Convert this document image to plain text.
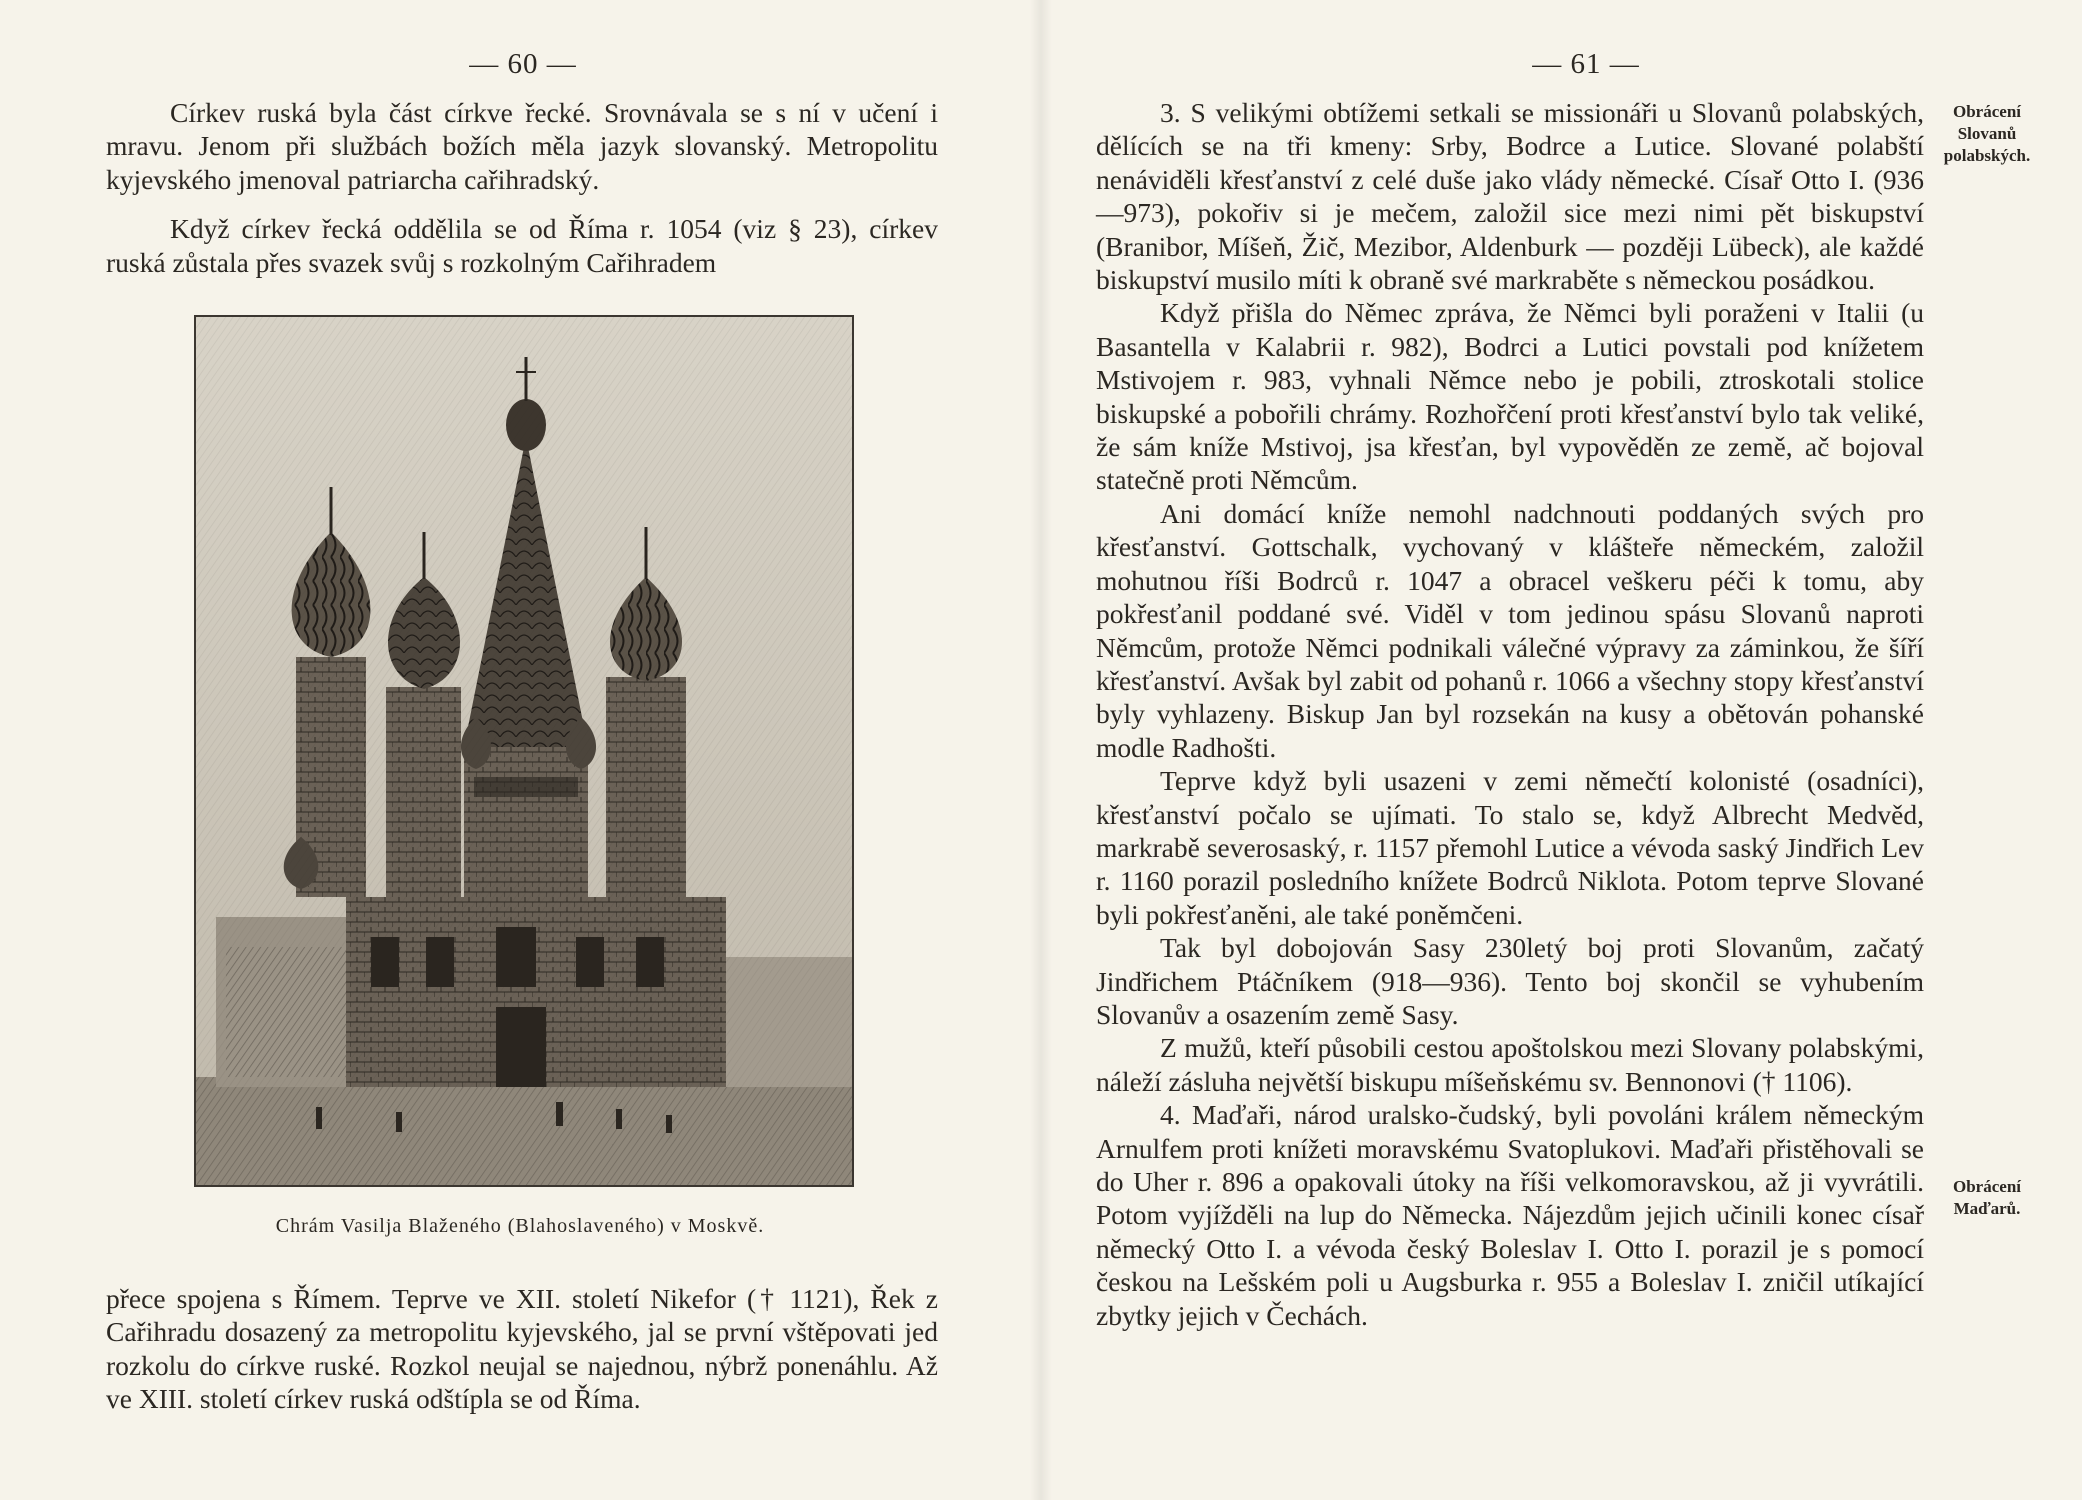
— 60 —

Církev ruská byla část církve řecké. Srovnávala se s ní v učení i mravu. Jenom při službách božích měla jazyk slovanský. Metropolitu kyjevského jmenoval patriarcha cařihradský.

Když církev řecká oddělila se od Říma r. 1054 (viz § 23), církev ruská zůstala přes svazek svůj s rozkolným Cařihradem

Chrám Vasilja Blaženého (Blahoslaveného) v Moskvě.

přece spojena s Římem. Teprve ve XII. století Nikefor († 1121), Řek z Cařihradu dosazený za metropolitu kyjevského, jal se první vštěpovati jed rozkolu do církve ruské. Rozkol neujal se najednou, nýbrž ponenáhlu. Až ve XIII. století církev ruská odštípla se od Říma.

— 61 —

3. S velikými obtížemi setkali se missionáři u Slovanů polabských, dělících se na tři kmeny: Srby, Bodrce a Lutice. Slované polabští nenáviděli křesťanství z celé duše jako vlády německé. Císař Otto I. (936—973), pokořiv si je mečem, založil sice mezi nimi pět biskupství (Branibor, Míšeň, Žič, Mezibor, Aldenburk — později Lübeck), ale každé biskupství musilo míti k obraně své markraběte s německou posádkou.

Když přišla do Němec zpráva, že Němci byli poraženi v Italii (u Basantella v Kalabrii r. 982), Bodrci a Lutici povstali pod knížetem Mstivojem r. 983, vyhnali Němce nebo je pobili, ztroskotali stolice biskupské a pobořili chrámy. Rozhořčení proti křesťanství bylo tak veliké, že sám kníže Mstivoj, jsa křesťan, byl vypověděn ze země, ač bojoval statečně proti Němcům.

Ani domácí kníže nemohl nadchnouti poddaných svých pro křesťanství. Gottschalk, vychovaný v klášteře německém, založil mohutnou říši Bodrců r. 1047 a obracel veškeru péči k tomu, aby pokřesťanil poddané své. Viděl v tom jedinou spásu Slovanů naproti Němcům, protože Němci podnikali válečné výpravy za záminkou, že šíří křesťanství. Avšak byl zabit od pohanů r. 1066 a všechny stopy křesťanství byly vyhlazeny. Biskup Jan byl rozsekán na kusy a obětován pohanské modle Radhošti.

Teprve když byli usazeni v zemi němečtí kolonisté (osadníci), křesťanství počalo se ujímati. To stalo se, když Albrecht Medvěd, markrabě severosaský, r. 1157 přemohl Lutice a vévoda saský Jindřich Lev r. 1160 porazil posledního knížete Bodrců Niklota. Potom teprve Slované byli pokřesťaněni, ale také poněmčeni.

Tak byl dobojován Sasy 230letý boj proti Slovanům, začatý Jindřichem Ptáčníkem (918—936). Tento boj skončil se vyhubením Slovanův a osazením země Sasy.

Z mužů, kteří působili cestou apoštolskou mezi Slovany polabskými, náleží zásluha největší biskupu míšeňskému sv. Bennonovi († 1106).

4. Maďaři, národ uralsko-čudský, byli povoláni králem německým Arnulfem proti knížeti moravskému Svatoplukovi. Maďaři přistěhovali se do Uher r. 896 a opakovali útoky na říši velkomoravskou, až ji vyvrátili. Potom vyjížděli na lup do Německa. Nájezdům jejich učinili konec císař německý Otto I. a vévoda český Boleslav I. Otto I. porazil je s pomocí českou na Lešském poli u Augsburka r. 955 a Boleslav I. zničil utíkající zbytky jejich v Čechách.

Obrácení Slovanů polabských.
Obrácení Maďarů.
